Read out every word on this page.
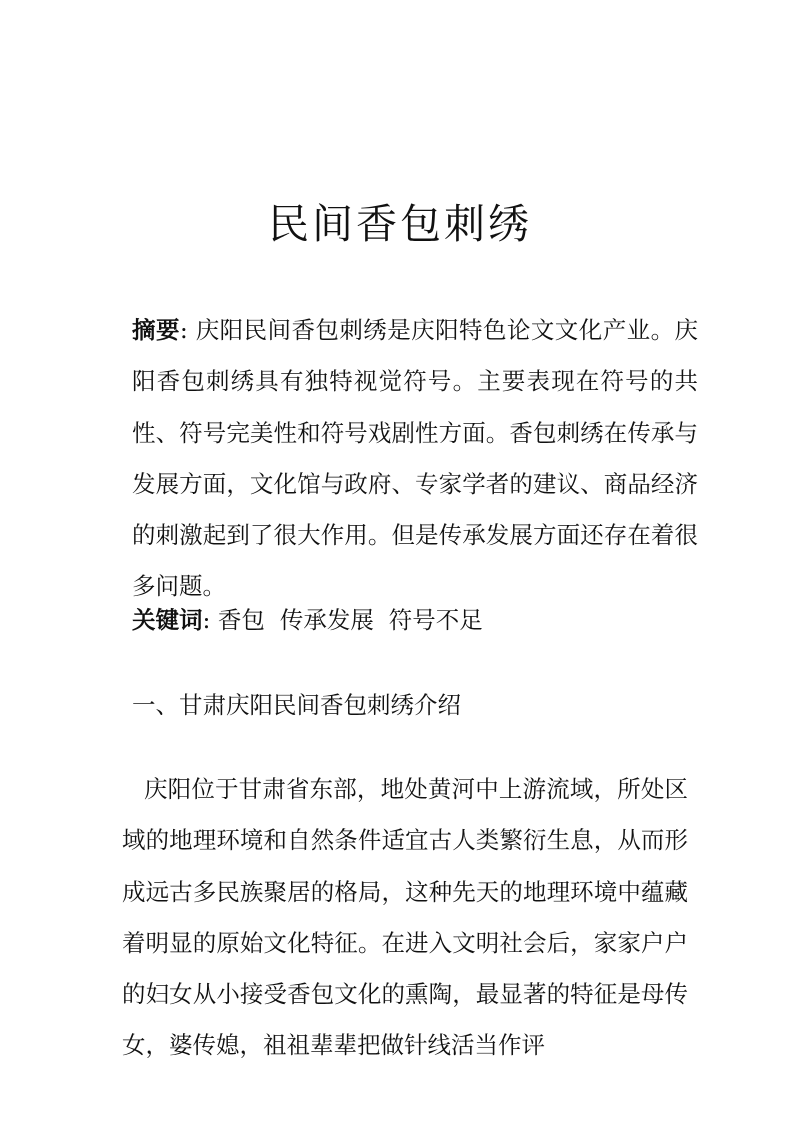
民间香包刺绣

摘要: 庆阳民间香包刺绣是庆阳特色论文文化产业。庆阳香包刺绣具有独特视觉符号。主要表现在符号的共性、符号完美性和符号戏剧性方面。香包刺绣在传承与发展方面，文化馆与政府、专家学者的建议、商品经济的刺激起到了很大作用。但是传承发展方面还存在着很多问题。

关键词: 香包 传承发展 符号不足

一、甘肃庆阳民间香包刺绣介绍

庆阳位于甘肃省东部，地处黄河中上游流域，所处区域的地理环境和自然条件适宜古人类繁衍生息，从而形成远古多民族聚居的格局，这种先天的地理环境中蕴藏着明显的原始文化特征。在进入文明社会后，家家户户的妇女从小接受香包文化的熏陶，最显著的特征是母传女，婆传媳，祖祖辈辈把做针线活当作评
